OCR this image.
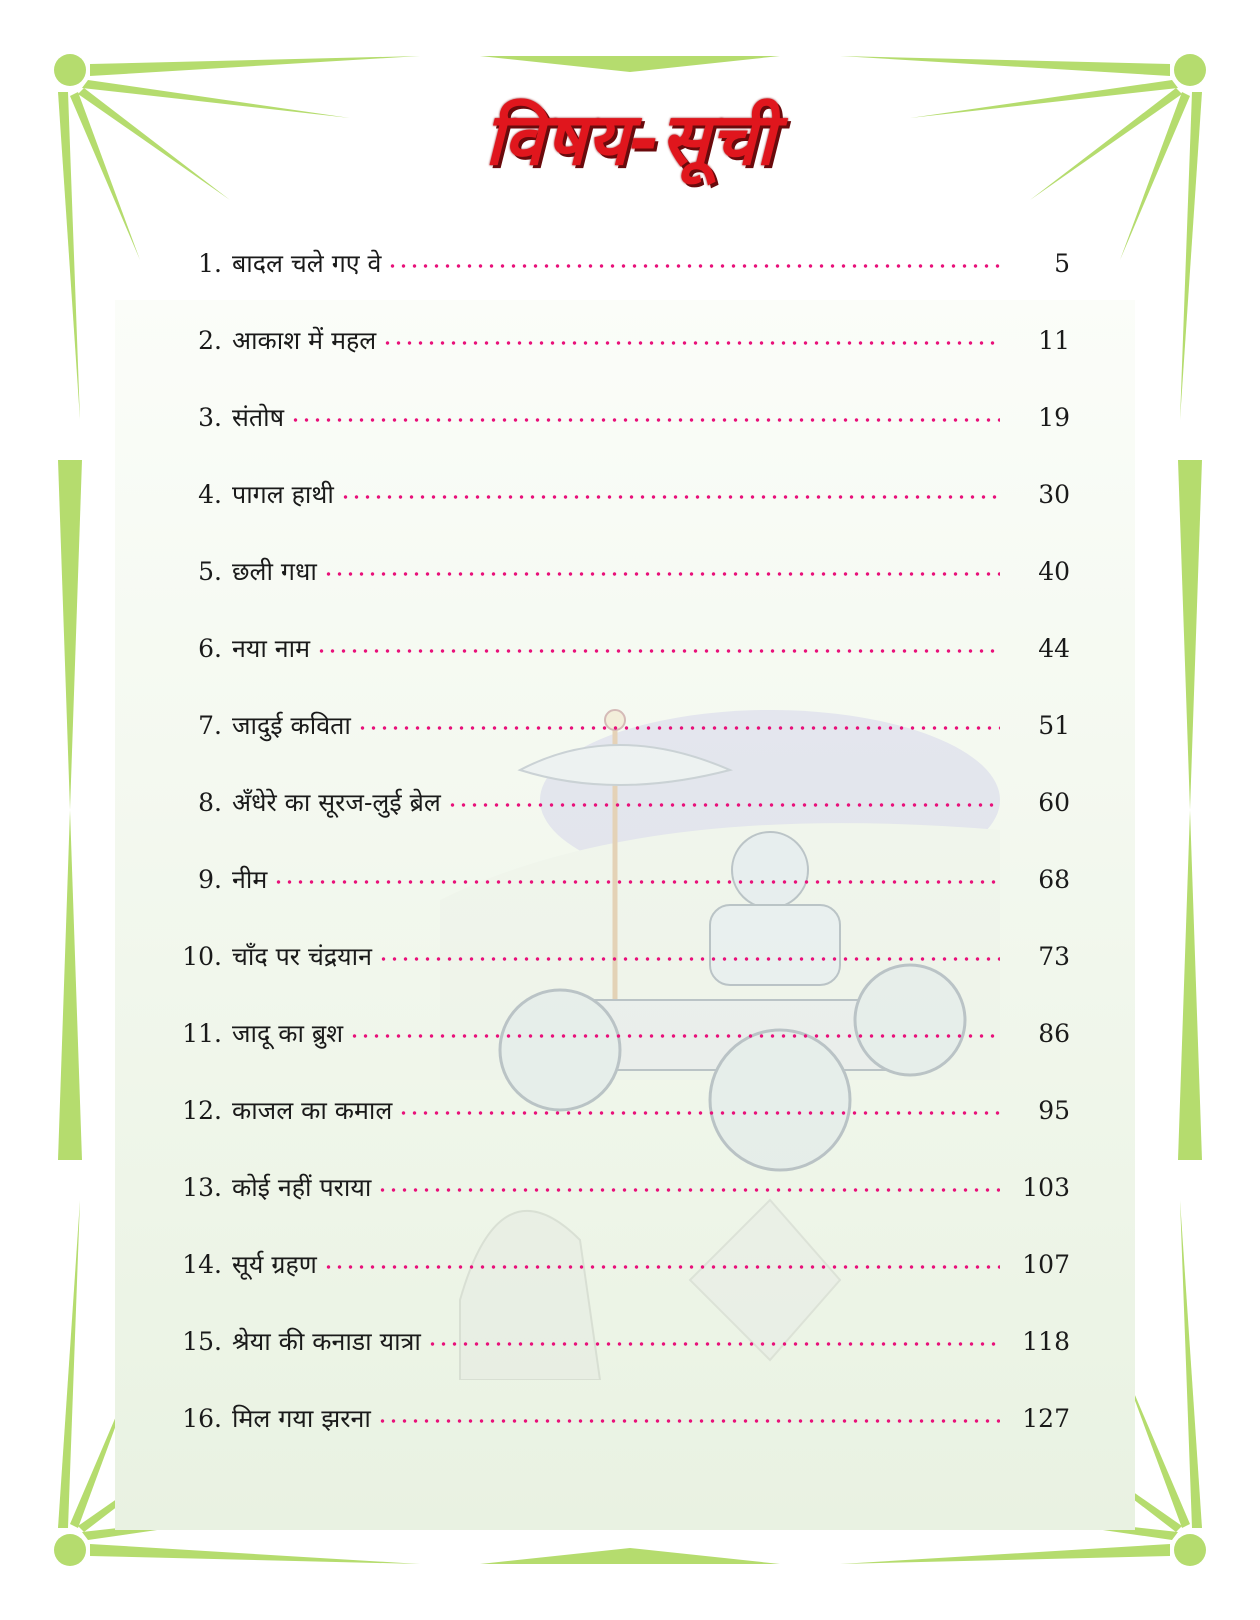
विषय-सूची
1. बादल चले गए वे	5
2. आकाश में महल	11
3. संतोष	19
4. पागल हाथी	30
5. छली गधा	40
6. नया नाम	44
7. जादुई कविता	51
8. अँधेरे का सूरज-लुई ब्रेल	60
9. नीम	68
10. चाँद पर चंद्रयान	73
11. जादू का ब्रुश	86
12. काजल का कमाल	95
13. कोई नहीं पराया	103
14. सूर्य ग्रहण	107
15. श्रेया की कनाडा यात्रा	118
16. मिल गया झरना	127
